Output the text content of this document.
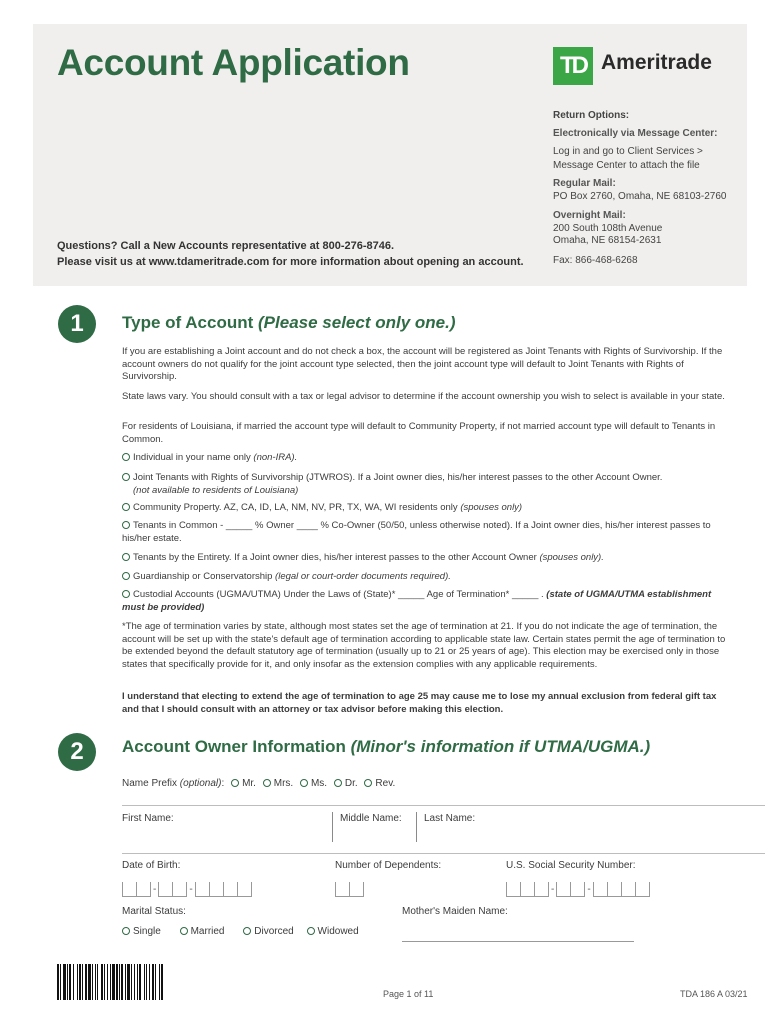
Account Application	TD Ameritrade
Return Options:
Electronically via Message Center:
Log in and go to Client Services >
Message Center to attach the file
Regular Mail:
PO Box 2760, Omaha, NE 68103-2760
Overnight Mail:
200 South 108th Avenue
Omaha, NE 68154-2631
Fax: 866-468-6268
Questions? Call a New Accounts representative at 800-276-8746.
Please visit us at www.tdameritrade.com for more information about opening an account.
1	Type of Account (Please select only one.)
If you are establishing a Joint account and do not check a box, the account will be registered as Joint Tenants with Rights of Survivorship. If the account owners do not qualify for the joint account type selected, then the joint account type will default to Joint Tenants with Rights of Survivorship.
State laws vary. You should consult with a tax or legal advisor to determine if the account ownership you wish to select is available in your state.
For residents of Louisiana, if married the account type will default to Community Property, if not married account type will default to Tenants in Common.
Individual in your name only (non-IRA).
Joint Tenants with Rights of Survivorship (JTWROS). If a Joint owner dies, his/her interest passes to the other Account Owner.
(not available to residents of Louisiana)
Community Property. AZ, CA, ID, LA, NM, NV, PR, TX, WA, WI residents only (spouses only)
Tenants in Common - _____ % Owner ____ % Co-Owner (50/50, unless otherwise noted). If a Joint owner dies, his/her interest passes to his/her estate.
Tenants by the Entirety. If a Joint owner dies, his/her interest passes to the other Account Owner (spouses only).
Guardianship or Conservatorship (legal or court-order documents required).
Custodial Accounts (UGMA/UTMA) Under the Laws of (State)* _____ Age of Termination* _____ . (state of UGMA/UTMA establishment must be provided)
*The age of termination varies by state, although most states set the age of termination at 21. If you do not indicate the age of termination, the account will be set up with the state's default age of termination according to applicable state law. Certain states permit the age of termination to be extended beyond the default statutory age of termination (usually up to 21 or 25 years of age). This election may be exercised only in those states that specifically provide for it, and only insofar as the extension complies with any applicable requirements.
I understand that electing to extend the age of termination to age 25 may cause me to lose my annual exclusion from federal gift tax and that I should consult with an attorney or tax advisor before making this election.
2	Account Owner Information (Minor's information if UTMA/UGMA.)
Name Prefix (optional): Mr. Mrs. Ms. Dr. Rev.
First Name:	Middle Name: Last Name:
Date of Birth:	Number of Dependents:	U.S. Social Security Number:
-	-	-	-
Marital Status:	Mother's Maiden Name:
Single	Married	Divorced Widowed
Page 1 of 11	TDA 186 A 03/21
